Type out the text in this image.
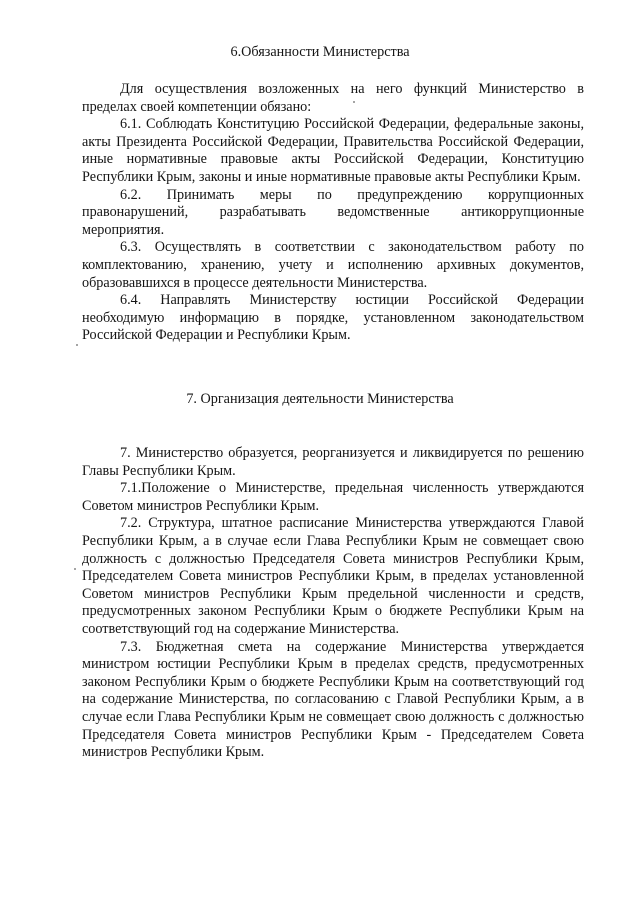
6.Обязанности Министерства

Для осуществления возложенных на него функций Министерство в пределах своей компетенции обязано:

6.1. Соблюдать Конституцию Российской Федерации, федеральные законы, акты Президента Российской Федерации, Правительства Российской Федерации, иные нормативные правовые акты Российской Федерации, Конституцию Республики Крым, законы и иные нормативные правовые акты Республики Крым.

6.2. Принимать меры по предупреждению коррупционных правонарушений, разрабатывать ведомственные антикоррупционные мероприятия.

6.3. Осуществлять в соответствии с законодательством работу по комплектованию, хранению, учету и исполнению архивных документов, образовавшихся в процессе деятельности Министерства.

6.4. Направлять Министерству юстиции Российской Федерации необходимую информацию в порядке, установленном законодательством Российской Федерации и Республики Крым.

7. Организация деятельности Министерства

7. Министерство образуется, реорганизуется и ликвидируется по решению Главы Республики Крым.

7.1.Положение о Министерстве, предельная численность утверждаются Советом министров Республики Крым.

7.2. Структура, штатное расписание Министерства утверждаются Главой Республики Крым, а в случае если Глава Республики Крым не совмещает свою должность с должностью Председателя Совета министров Республики Крым, Председателем Совета министров Республики Крым, в пределах установленной Советом министров Республики Крым предельной численности и средств, предусмотренных законом Республики Крым о бюджете Республики Крым на соответствующий год на содержание Министерства.

7.3. Бюджетная смета на содержание Министерства утверждается министром юстиции Республики Крым в пределах средств, предусмотренных законом Республики Крым о бюджете Республики Крым на соответствующий год на содержание Министерства, по согласованию с Главой Республики Крым, а в случае если Глава Республики Крым не совмещает свою должность с должностью Председателя Совета министров Республики Крым - Председателем Совета министров Республики Крым.
